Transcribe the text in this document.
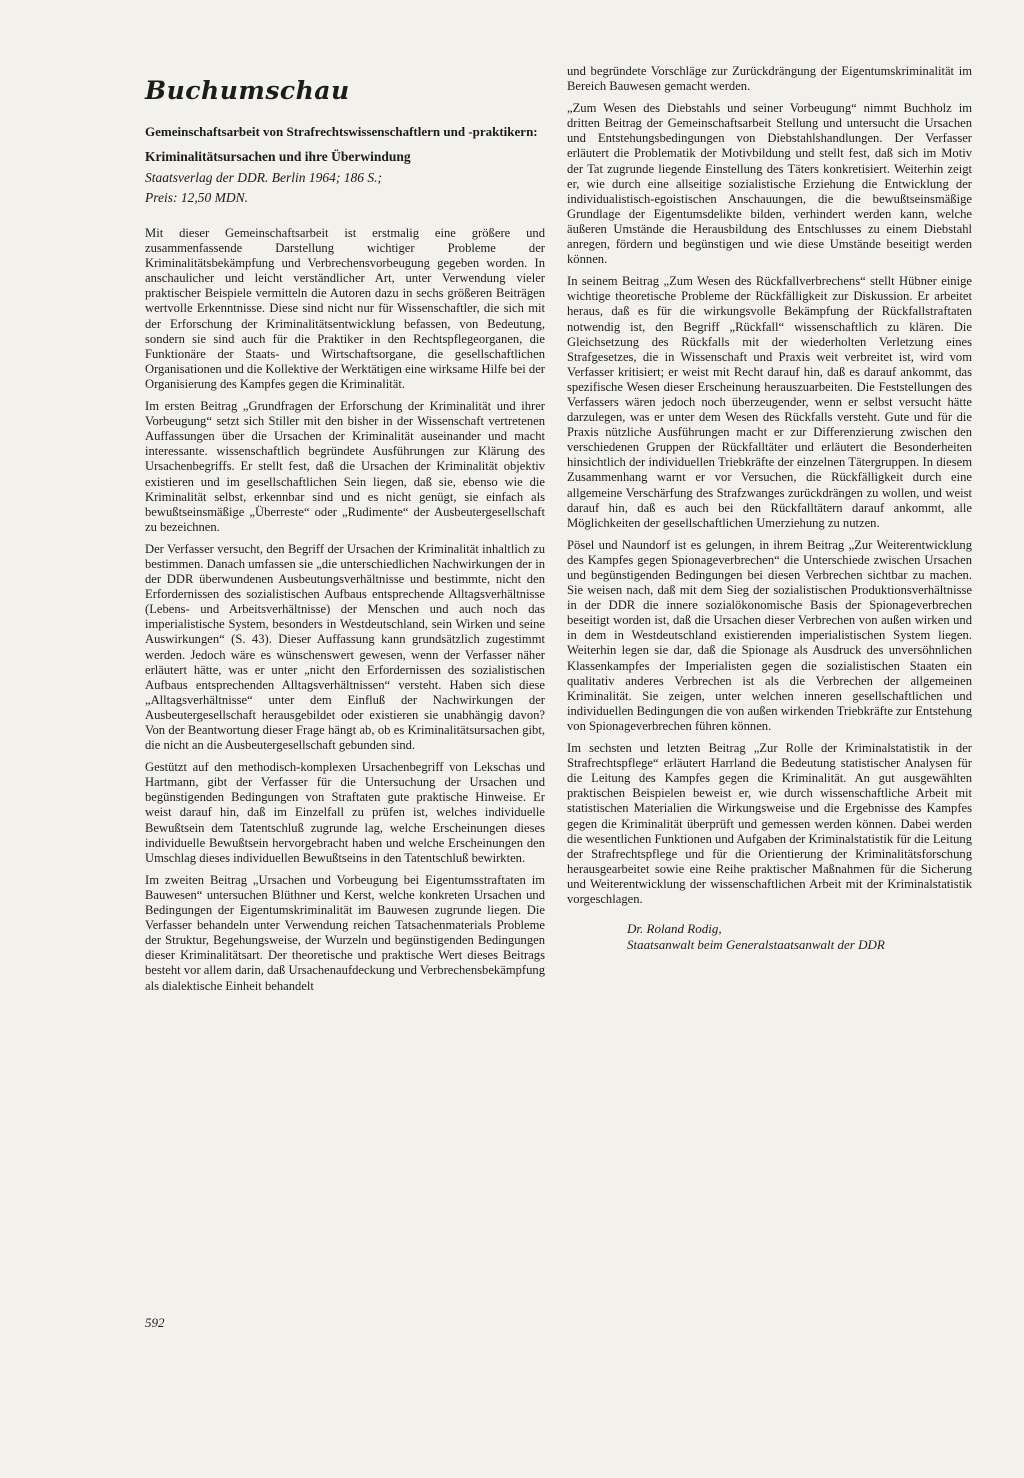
Buchumschau

Gemeinschaftsarbeit von Strafrechtswissenschaftlern und -praktikern:

Kriminalitätsursachen und ihre Überwindung

Staatsverlag der DDR. Berlin 1964; 186 S.;

Preis: 12,50 MDN.

Mit dieser Gemeinschaftsarbeit ist erstmalig eine größere und zusammenfassende Darstellung wichtiger Probleme der Kriminalitätsbekämpfung und Verbrechensvorbeugung gegeben worden. In anschaulicher und leicht verständlicher Art, unter Verwendung vieler praktischer Beispiele vermitteln die Autoren dazu in sechs größeren Beiträgen wertvolle Erkenntnisse. Diese sind nicht nur für Wissenschaftler, die sich mit der Erforschung der Kriminalitätsentwicklung befassen, von Bedeutung, sondern sie sind auch für die Praktiker in den Rechtspflegeorganen, die Funktionäre der Staats- und Wirtschaftsorgane, die gesellschaftlichen Organisationen und die Kollektive der Werktätigen eine wirksame Hilfe bei der Organisierung des Kampfes gegen die Kriminalität.

Im ersten Beitrag „Grundfragen der Erforschung der Kriminalität und ihrer Vorbeugung“ setzt sich Stiller mit den bisher in der Wissenschaft vertretenen Auffassungen über die Ursachen der Kriminalität auseinander und macht interessante. wissenschaftlich begründete Ausführungen zur Klärung des Ursachenbegriffs. Er stellt fest, daß die Ursachen der Kriminalität objektiv existieren und im gesellschaftlichen Sein liegen, daß sie, ebenso wie die Kriminalität selbst, erkennbar sind und es nicht genügt, sie einfach als bewußtseinsmäßige „Überreste“ oder „Rudimente“ der Ausbeutergesellschaft zu bezeichnen.

Der Verfasser versucht, den Begriff der Ursachen der Kriminalität inhaltlich zu bestimmen. Danach umfassen sie „die unterschiedlichen Nachwirkungen der in der DDR überwundenen Ausbeutungsverhältnisse und bestimmte, nicht den Erfordernissen des sozialistischen Aufbaus entsprechende Alltagsverhältnisse (Lebens- und Arbeitsverhältnisse) der Menschen und auch noch das imperialistische System, besonders in Westdeutschland, sein Wirken und seine Auswirkungen“ (S. 43). Dieser Auffassung kann grundsätzlich zugestimmt werden. Jedoch wäre es wünschenswert gewesen, wenn der Verfasser näher erläutert hätte, was er unter „nicht den Erfordernissen des sozialistischen Aufbaus entsprechenden Alltagsverhältnissen“ versteht. Haben sich diese „Alltagsverhältnisse“ unter dem Einfluß der Nachwirkungen der Ausbeutergesellschaft herausgebildet oder existieren sie unabhängig davon? Von der Beantwortung dieser Frage hängt ab, ob es Kriminalitätsursachen gibt, die nicht an die Ausbeutergesellschaft gebunden sind.

Gestützt auf den methodisch-komplexen Ursachenbegriff von Lekschas und Hartmann, gibt der Verfasser für die Untersuchung der Ursachen und begünstigenden Bedingungen von Straftaten gute praktische Hinweise. Er weist darauf hin, daß im Einzelfall zu prüfen ist, welches individuelle Bewußtsein dem Tatentschluß zugrunde lag, welche Erscheinungen dieses individuelle Bewußtsein hervorgebracht haben und welche Erscheinungen den Umschlag dieses individuellen Bewußtseins in den Tatentschluß bewirkten.

Im zweiten Beitrag „Ursachen und Vorbeugung bei Eigentumsstraftaten im Bauwesen“ untersuchen Blüthner und Kerst, welche konkreten Ursachen und Bedingungen der Eigentumskriminalität im Bauwesen zugrunde liegen. Die Verfasser behandeln unter Verwendung reichen Tatsachenmaterials Probleme der Struktur, Begehungsweise, der Wurzeln und begünstigenden Bedingungen dieser Kriminalitätsart. Der theoretische und praktische Wert dieses Beitrags besteht vor allem darin, daß Ursachenaufdeckung und Verbrechensbekämpfung als dialektische Einheit behandelt

und begründete Vorschläge zur Zurückdrängung der Eigentumskriminalität im Bereich Bauwesen gemacht werden.

„Zum Wesen des Diebstahls und seiner Vorbeugung“ nimmt Buchholz im dritten Beitrag der Gemeinschaftsarbeit Stellung und untersucht die Ursachen und Entstehungsbedingungen von Diebstahlshandlungen. Der Verfasser erläutert die Problematik der Motivbildung und stellt fest, daß sich im Motiv der Tat zugrunde liegende Einstellung des Täters konkretisiert. Weiterhin zeigt er, wie durch eine allseitige sozialistische Erziehung die Entwicklung der individualistisch-egoistischen Anschauungen, die die bewußtseinsmäßige Grundlage der Eigentumsdelikte bilden, verhindert werden kann, welche äußeren Umstände die Herausbildung des Entschlusses zu einem Diebstahl anregen, fördern und begünstigen und wie diese Umstände beseitigt werden können.

In seinem Beitrag „Zum Wesen des Rückfallverbrechens“ stellt Hübner einige wichtige theoretische Probleme der Rückfälligkeit zur Diskussion. Er arbeitet heraus, daß es für die wirkungsvolle Bekämpfung der Rückfallstraftaten notwendig ist, den Begriff „Rückfall“ wissenschaftlich zu klären. Die Gleichsetzung des Rückfalls mit der wiederholten Verletzung eines Strafgesetzes, die in Wissenschaft und Praxis weit verbreitet ist, wird vom Verfasser kritisiert; er weist mit Recht darauf hin, daß es darauf ankommt, das spezifische Wesen dieser Erscheinung herauszuarbeiten. Die Feststellungen des Verfassers wären jedoch noch überzeugender, wenn er selbst versucht hätte darzulegen, was er unter dem Wesen des Rückfalls versteht. Gute und für die Praxis nützliche Ausführungen macht er zur Differenzierung zwischen den verschiedenen Gruppen der Rückfalltäter und erläutert die Besonderheiten hinsichtlich der individuellen Triebkräfte der einzelnen Tätergruppen. In diesem Zusammenhang warnt er vor Versuchen, die Rückfälligkeit durch eine allgemeine Verschärfung des Strafzwanges zurückdrängen zu wollen, und weist darauf hin, daß es auch bei den Rückfalltätern darauf ankommt, alle Möglichkeiten der gesellschaftlichen Umerziehung zu nutzen.

Pösel und Naundorf ist es gelungen, in ihrem Beitrag „Zur Weiterentwicklung des Kampfes gegen Spionageverbrechen“ die Unterschiede zwischen Ursachen und begünstigenden Bedingungen bei diesen Verbrechen sichtbar zu machen. Sie weisen nach, daß mit dem Sieg der sozialistischen Produktionsverhältnisse in der DDR die innere sozialökonomische Basis der Spionageverbrechen beseitigt worden ist, daß die Ursachen dieser Verbrechen von außen wirken und in dem in Westdeutschland existierenden imperialistischen System liegen. Weiterhin legen sie dar, daß die Spionage als Ausdruck des unversöhnlichen Klassenkampfes der Imperialisten gegen die sozialistischen Staaten ein qualitativ anderes Verbrechen ist als die Verbrechen der allgemeinen Kriminalität. Sie zeigen, unter welchen inneren gesellschaftlichen und individuellen Bedingungen die von außen wirkenden Triebkräfte zur Entstehung von Spionageverbrechen führen können.

Im sechsten und letzten Beitrag „Zur Rolle der Kriminalstatistik in der Strafrechtspflege“ erläutert Harrland die Bedeutung statistischer Analysen für die Leitung des Kampfes gegen die Kriminalität. An gut ausgewählten praktischen Beispielen beweist er, wie durch wissenschaftliche Arbeit mit statistischen Materialien die Wirkungsweise und die Ergebnisse des Kampfes gegen die Kriminalität überprüft und gemessen werden können. Dabei werden die wesentlichen Funktionen und Aufgaben der Kriminalstatistik für die Leitung der Strafrechtspflege und für die Orientierung der Kriminalitätsforschung herausgearbeitet sowie eine Reihe praktischer Maßnahmen für die Sicherung und Weiterentwicklung der wissenschaftlichen Arbeit mit der Kriminalstatistik vorgeschlagen.

Dr. Roland Rodig,

Staatsanwalt beim Generalstaatsanwalt der DDR

592
